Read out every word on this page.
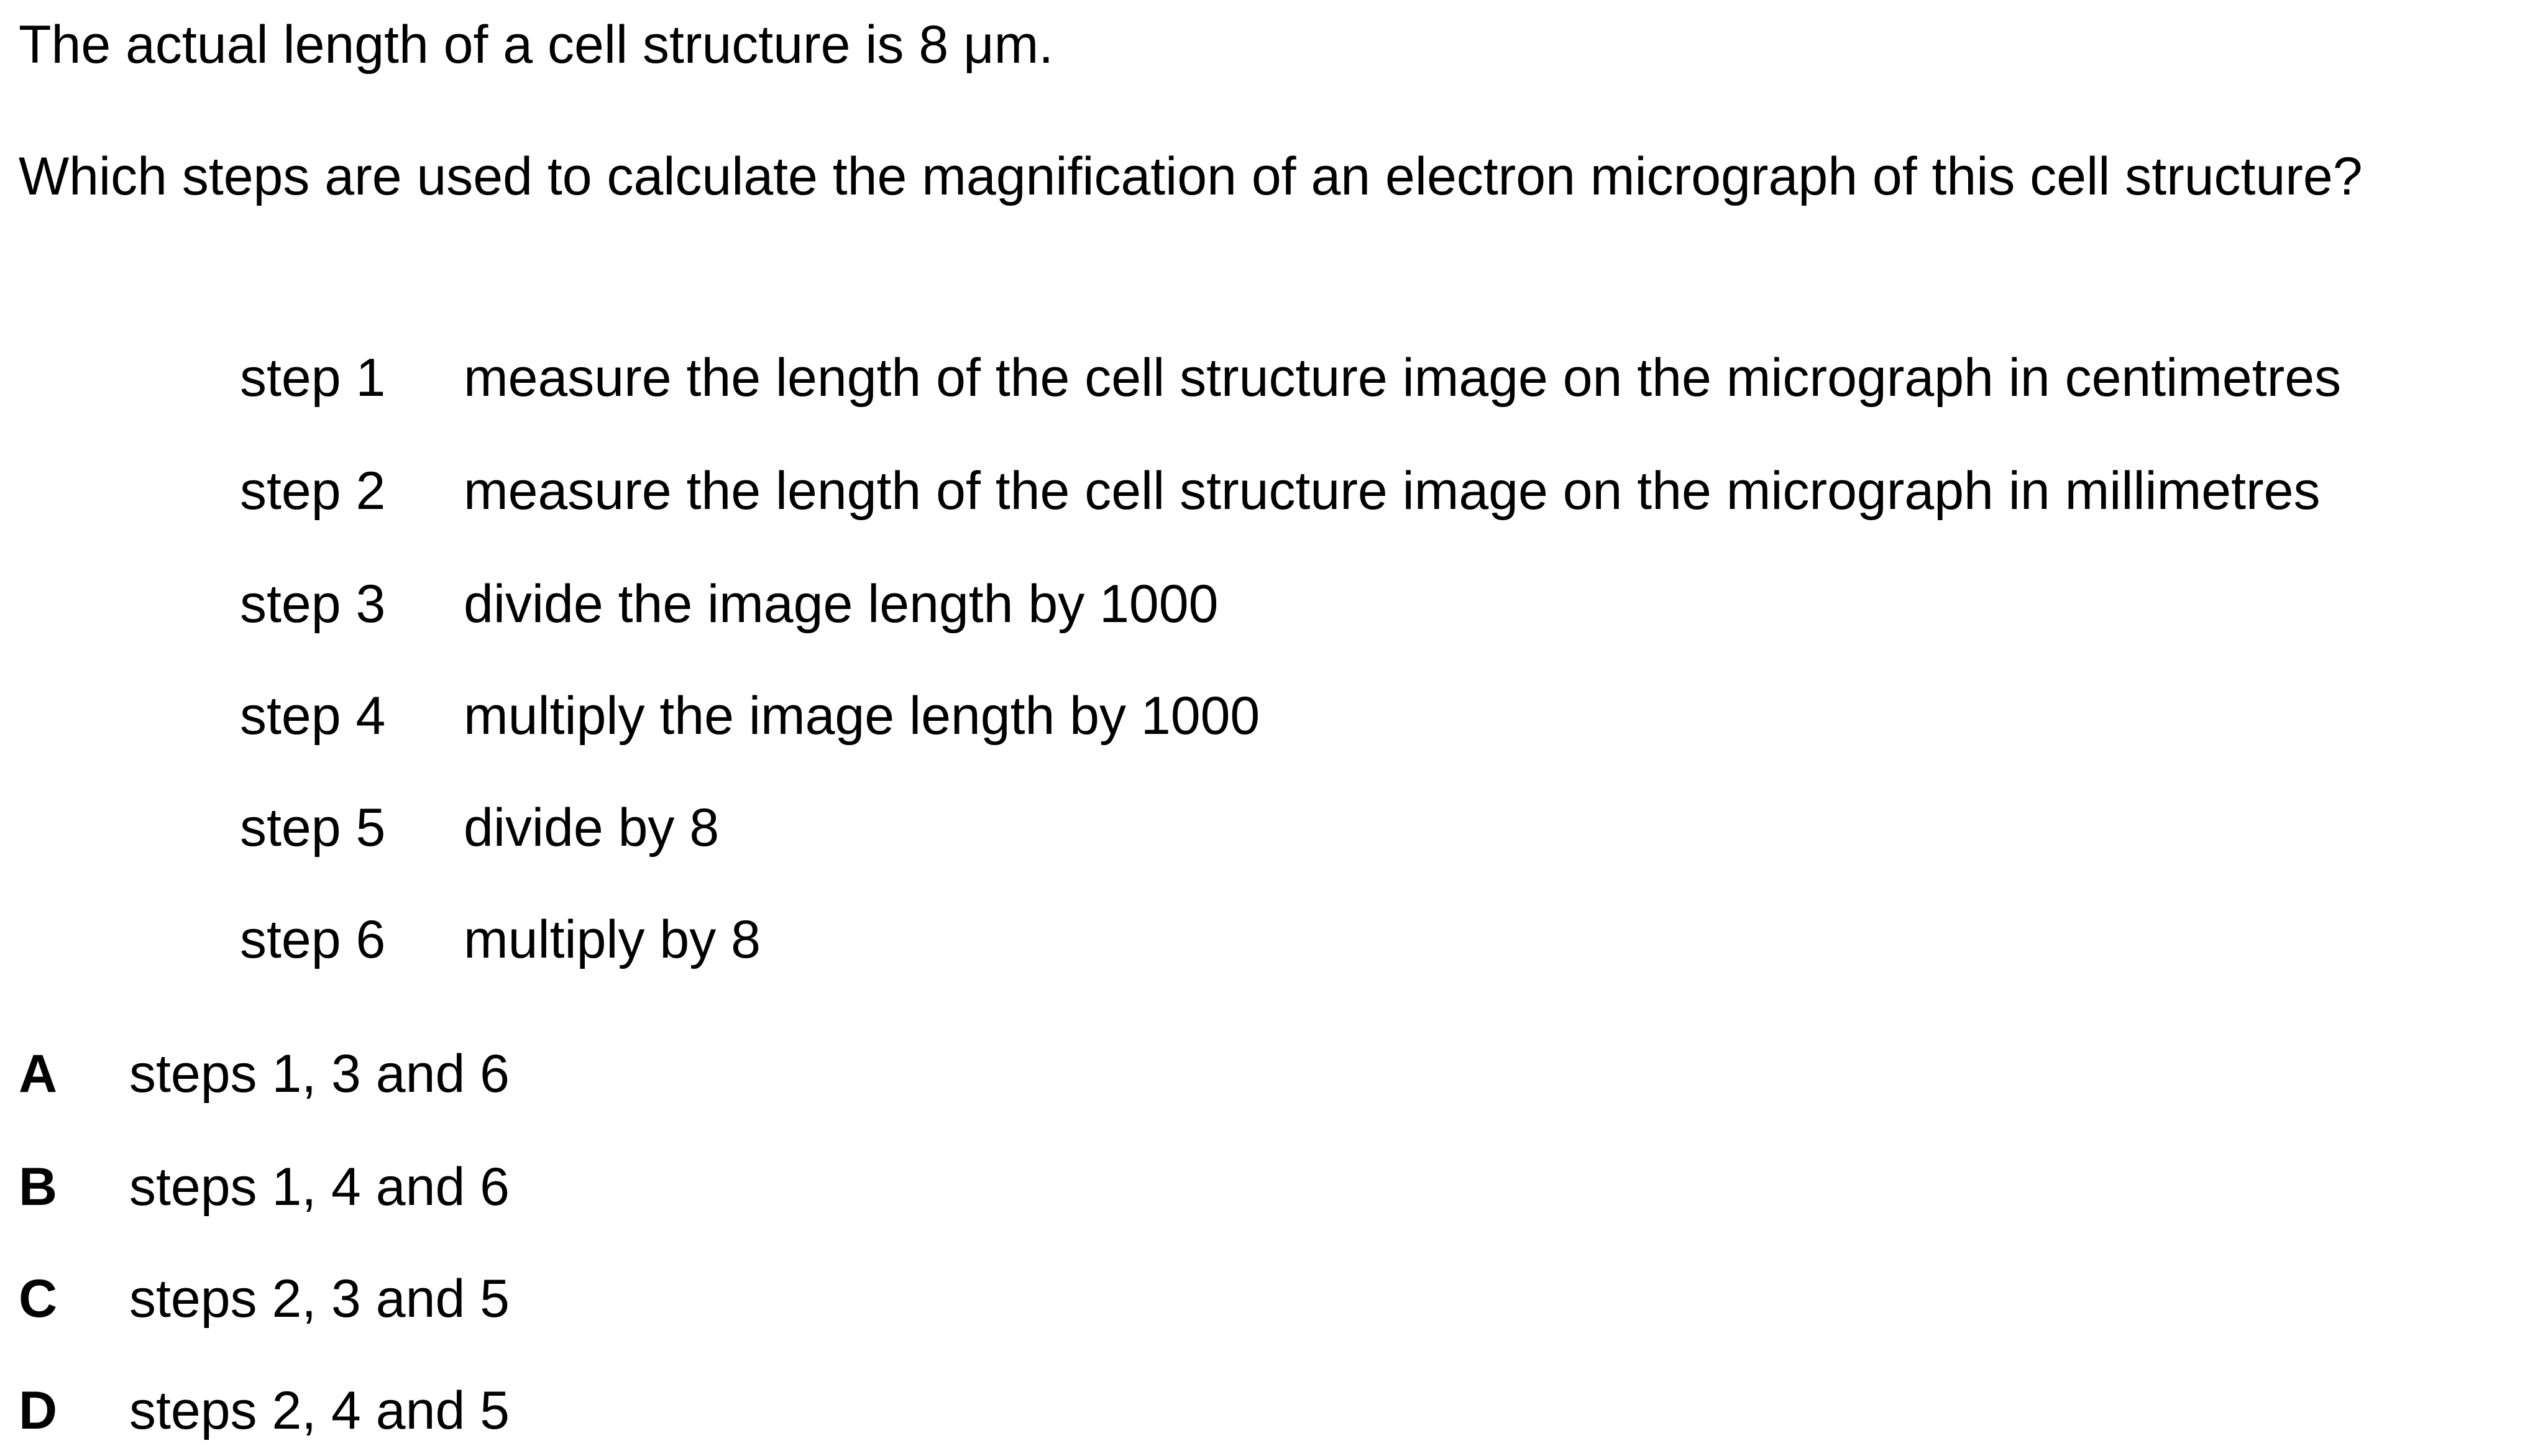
The actual length of a cell structure is 8 μm.
Which steps are used to calculate the magnification of an electron micrograph of this cell structure?
step 1 measure the length of the cell structure image on the micrograph in centimetres
step 2 measure the length of the cell structure image on the micrograph in millimetres
step 3 divide the image length by 1000
step 4 multiply the image length by 1000
step 5 divide by 8
step 6 multiply by 8
A steps 1, 3 and 6
B steps 1, 4 and 6
C steps 2, 3 and 5
D steps 2, 4 and 5
